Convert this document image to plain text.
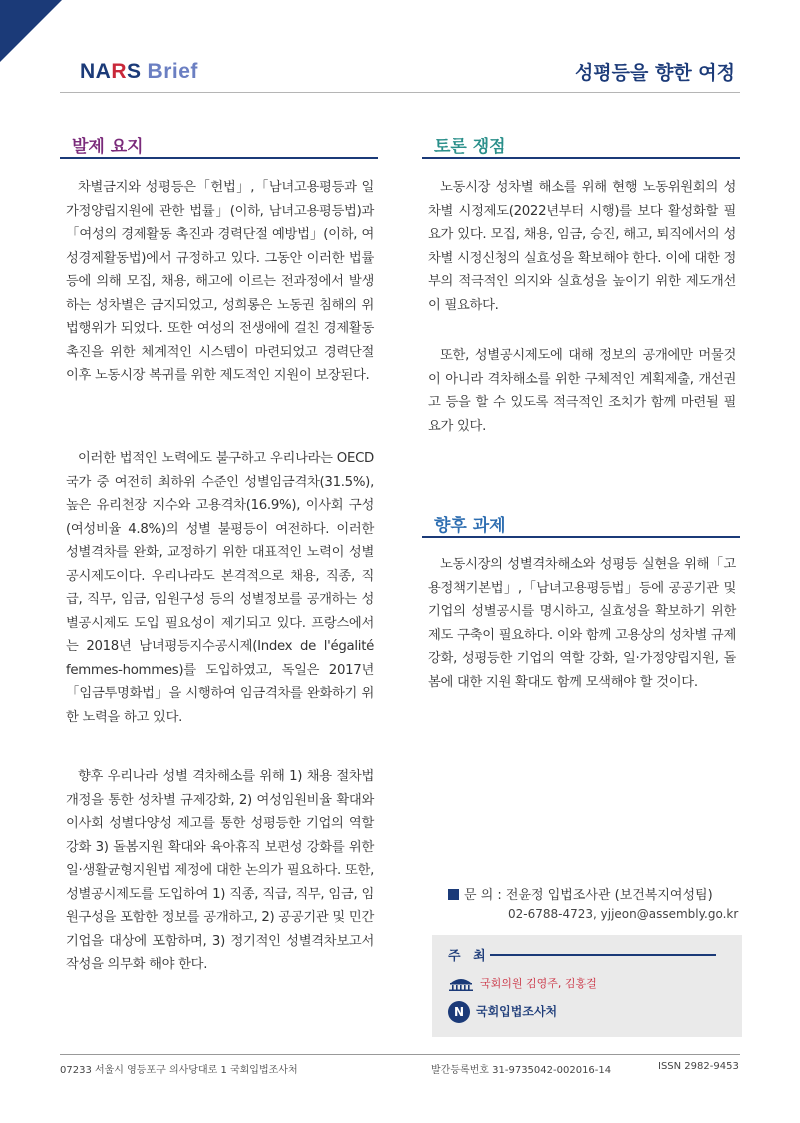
NARS Brief	성평등을 향한 여정
발제 요지

차별금지와 성평등은「헌법」,「남녀고용평등과 일가정양립지원에 관한 법률」(이하, 남녀고용평등법)과「여성의 경제활동 촉진과 경력단절 예방법」(이하, 여성경제활동법)에서 규정하고 있다. 그동안 이러한 법률등에 의해 모집, 채용, 해고에 이르는 전과정에서 발생하는 성차별은 금지되었고, 성희롱은 노동권 침해의 위법행위가 되었다. 또한 여성의 전생애에 걸친 경제활동 촉진을 위한 체계적인 시스템이 마련되었고 경력단절 이후 노동시장 복귀를 위한 제도적인 지원이 보장된다.

이러한 법적인 노력에도 불구하고 우리나라는 OECD 국가 중 여전히 최하위 수준인 성별임금격차(31.5%), 높은 유리천장 지수와 고용격차(16.9%), 이사회 구성(여성비율 4.8%)의 성별 불평등이 여전하다. 이러한 성별격차를 완화, 교정하기 위한 대표적인 노력이 성별공시제도이다. 우리나라도 본격적으로 채용, 직종, 직급, 직무, 임금, 임원구성 등의 성별정보를 공개하는 성별공시제도 도입 필요성이 제기되고 있다. 프랑스에서는 2018년 남녀평등지수공시제(Index de l'égalité femmes-hommes)를 도입하였고, 독일은 2017년「임금투명화법」을 시행하여 임금격차를 완화하기 위한 노력을 하고 있다.

향후 우리나라 성별 격차해소를 위해 1) 채용 절차법 개정을 통한 성차별 규제강화, 2) 여성임원비율 확대와 이사회 성별다양성 제고를 통한 성평등한 기업의 역할 강화 3) 돌봄지원 확대와 육아휴직 보편성 강화를 위한 일·생활균형지원법 제정에 대한 논의가 필요하다. 또한, 성별공시제도를 도입하여 1) 직종, 직급, 직무, 임금, 임원구성을 포함한 정보를 공개하고, 2) 공공기관 및 민간기업을 대상에 포함하며, 3) 정기적인 성별격차보고서 작성을 의무화 해야 한다.

토론 쟁점

노동시장 성차별 해소를 위해 현행 노동위원회의 성차별 시정제도(2022년부터 시행)를 보다 활성화할 필요가 있다. 모집, 채용, 임금, 승진, 해고, 퇴직에서의 성차별 시정신청의 실효성을 확보해야 한다. 이에 대한 정부의 적극적인 의지와 실효성을 높이기 위한 제도개선이 필요하다.

또한, 성별공시제도에 대해 정보의 공개에만 머물것이 아니라 격차해소를 위한 구체적인 계획제출, 개선권고 등을 할 수 있도록 적극적인 조치가 함께 마련될 필요가 있다.

향후 과제

노동시장의 성별격차해소와 성평등 실현을 위해「고용정책기본법」,「남녀고용평등법」등에 공공기관 및 기업의 성별공시를 명시하고, 실효성을 확보하기 위한 제도 구축이 필요하다. 이와 함께 고용상의 성차별 규제강화, 성평등한 기업의 역할 강화, 일·가정양립지원, 돌봄에 대한 지원 확대도 함께 모색해야 할 것이다.

문 의 : 전윤정 입법조사관 (보건복지여성팀)
02-6788-4723, yjjeon@assembly.go.kr
주 최
국회의원 김영주, 김홍걸
N 국회입법조사처
07233 서울시 영등포구 의사당대로 1 국회입법조사처	발간등록번호 31-9735042-002016-14	ISSN 2982-9453
